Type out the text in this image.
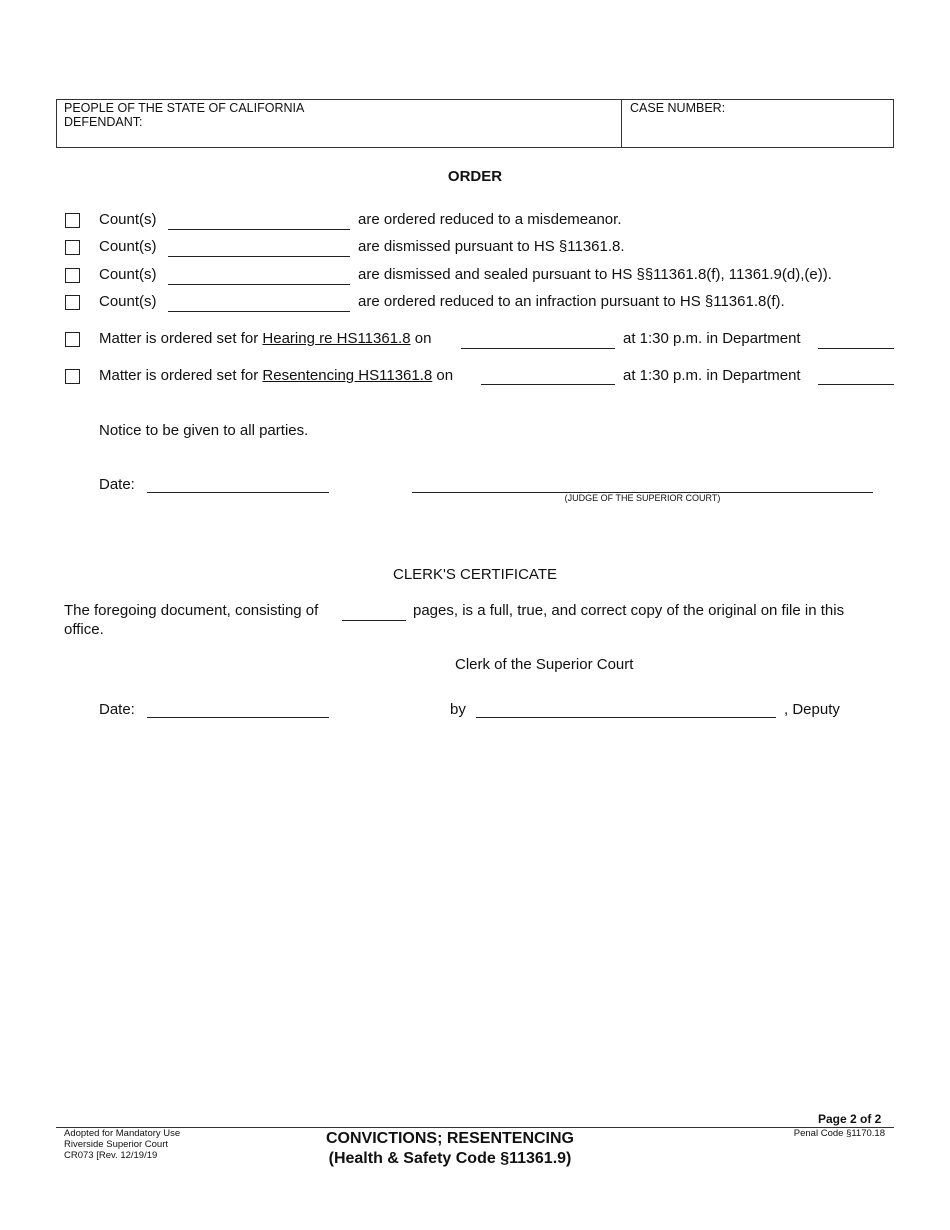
PEOPLE OF THE STATE OF CALIFORNIA
DEFENDANT:
CASE NUMBER:
ORDER
Count(s)	are ordered reduced to a misdemeanor.
Count(s)	are dismissed pursuant to HS §11361.8.
Count(s)	are dismissed and sealed pursuant to HS §§11361.8(f), 11361.9(d),(e)).
Count(s)	are ordered reduced to an infraction pursuant to HS §11361.8(f).
Matter is ordered set for Hearing re HS11361.8 on	at 1:30 p.m. in Department
Matter is ordered set for Resentencing HS11361.8 on	at 1:30 p.m. in Department
Notice to be given to all parties.
Date:
(JUDGE OF THE SUPERIOR COURT)
CLERK'S CERTIFICATE
The foregoing document, consisting of	pages, is a full, true, and correct copy of the original on file in this
office.
Clerk of the Superior Court
Date:	by	, Deputy
Page 2 of 2
Adopted for Mandatory Use
Riverside Superior Court
CR073 [Rev. 12/19/19
CONVICTIONS; RESENTENCING
(Health & Safety Code §11361.9)
Penal Code §1170.18
